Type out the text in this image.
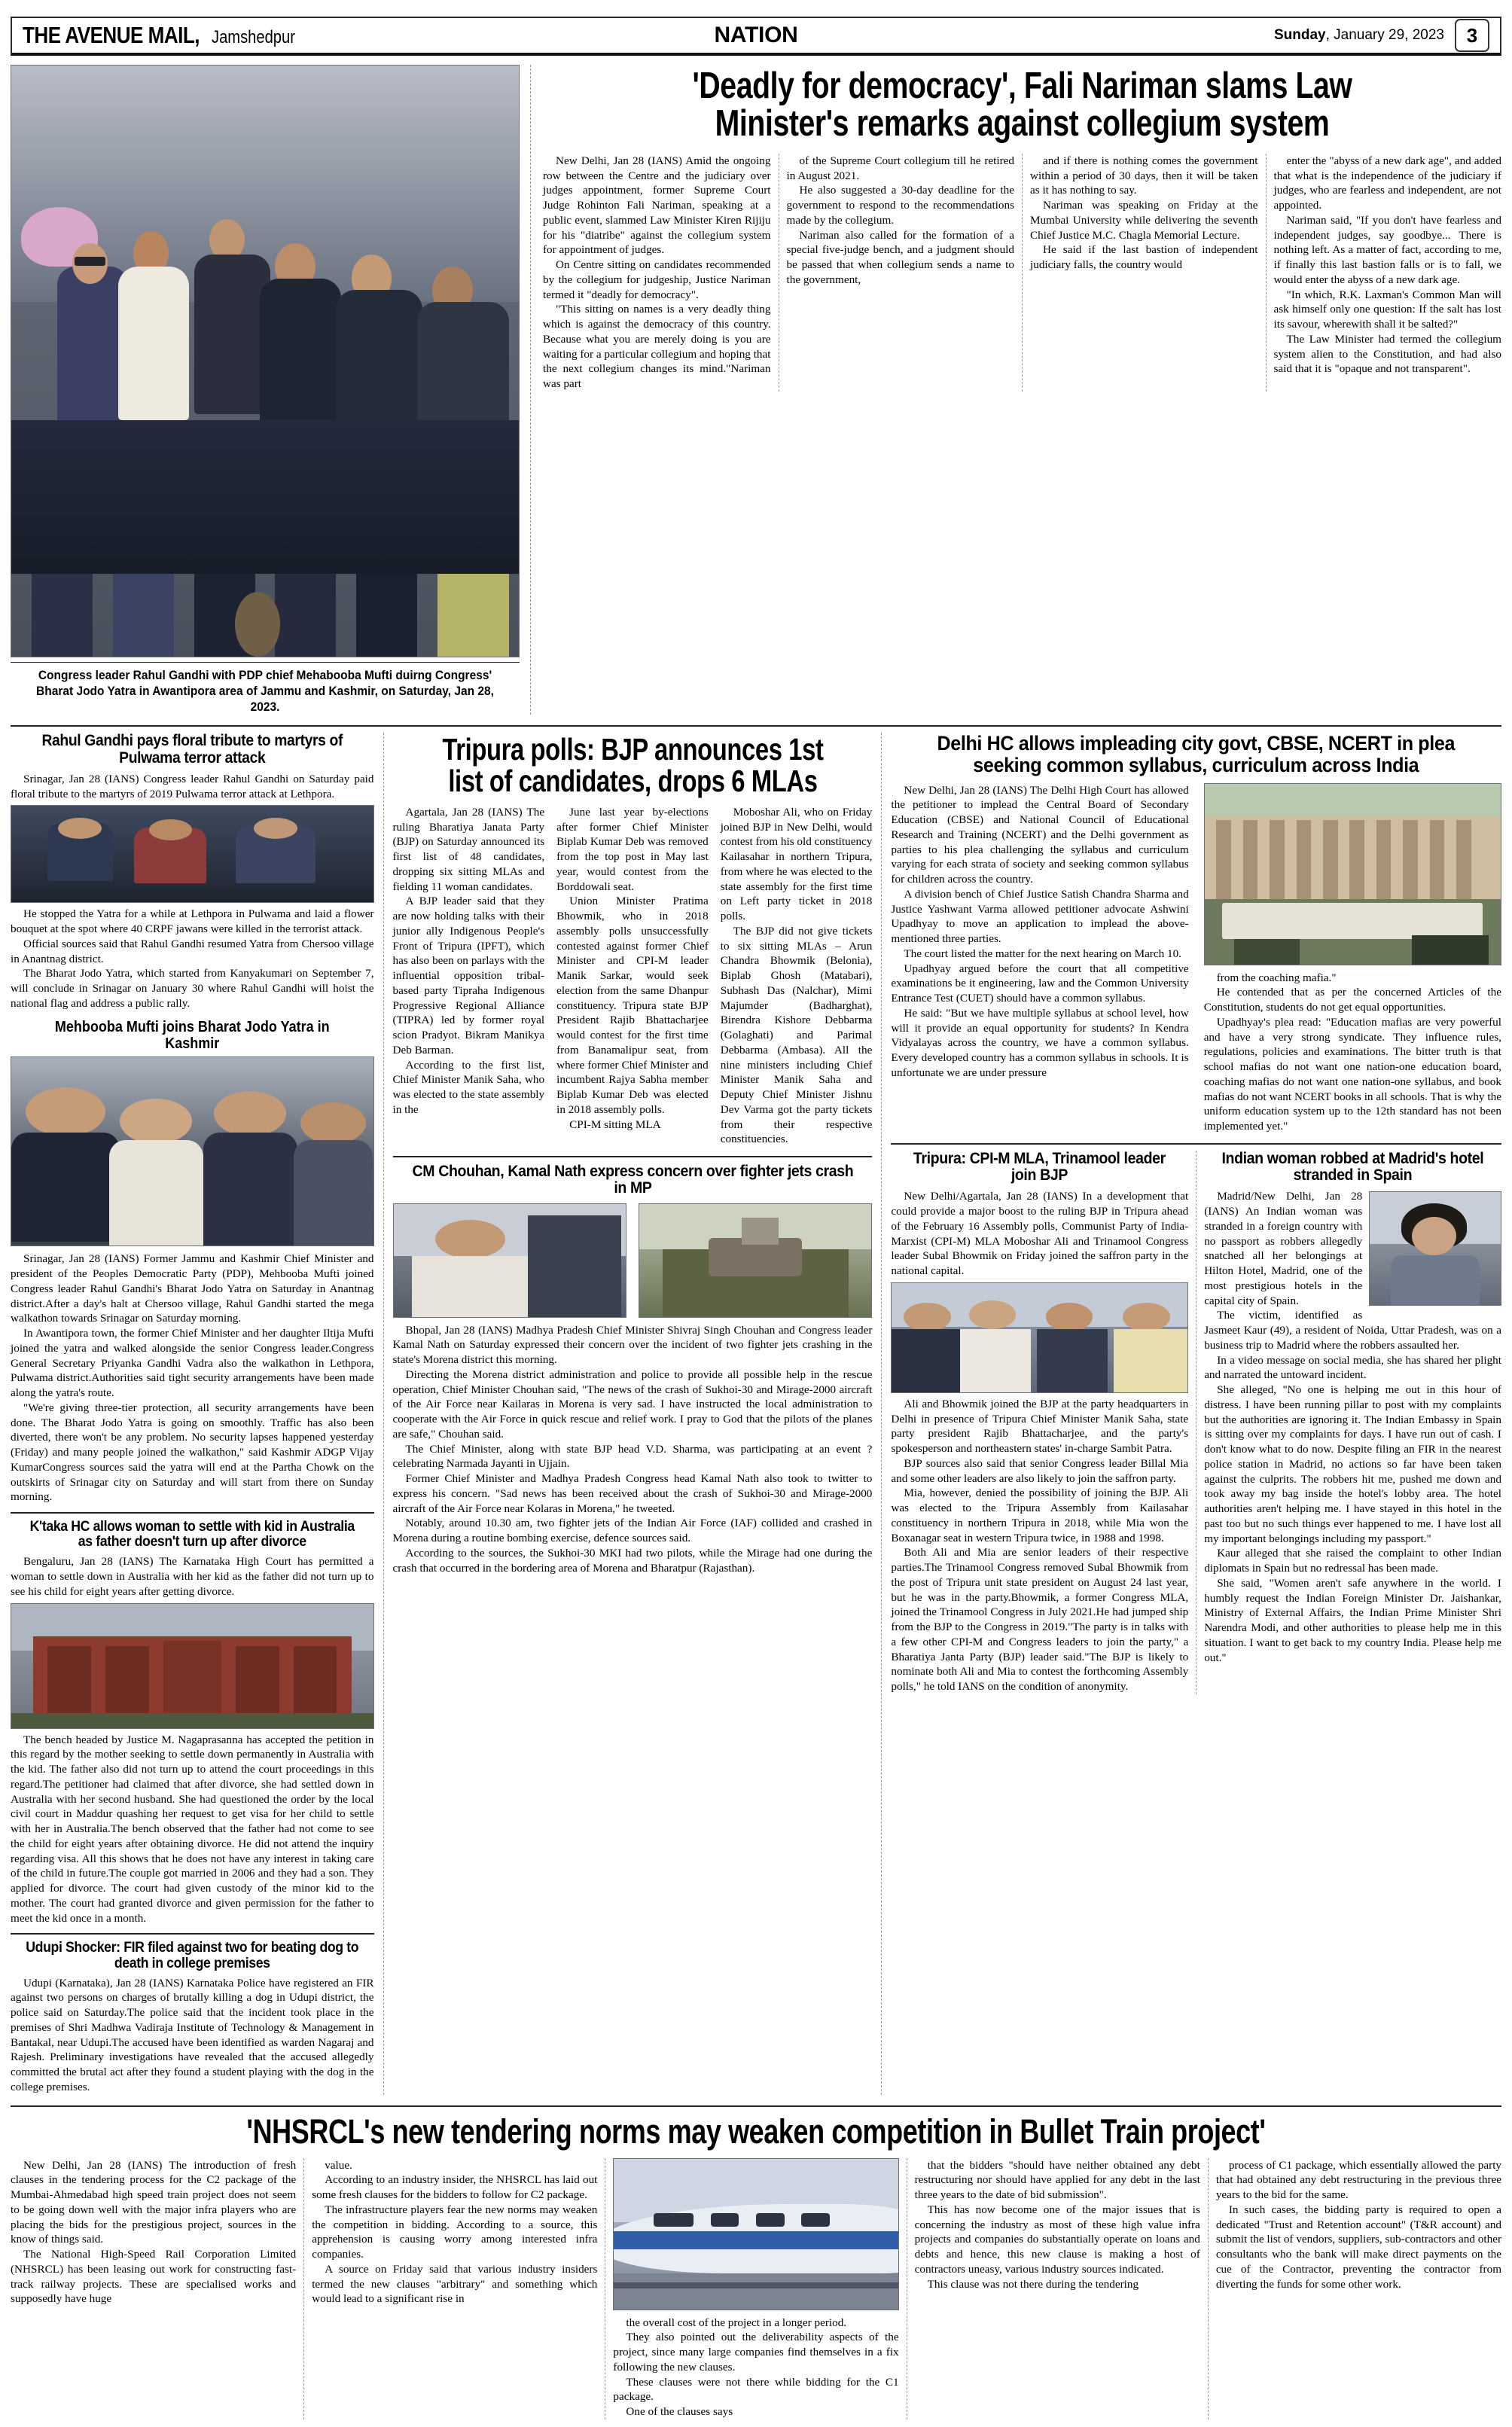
THE AVENUE MAIL, Jamshedpur	NATION	Sunday, January 29, 2023	3
Congress leader Rahul Gandhi with PDP chief Mehabooba Mufti duirng Congress' Bharat Jodo Yatra in Awantipora area of Jammu and Kashmir, on Saturday, Jan 28, 2023.
'Deadly for democracy', Fali Nariman slams Law Minister's remarks against collegium system

New Delhi, Jan 28 (IANS) Amid the ongoing row between the Centre and the judiciary over judges appointment, former Supreme Court Judge Rohinton Fali Nariman, speaking at a public event, slammed Law Minister Kiren Rijiju for his "diatribe" against the collegium system for appointment of judges.

On Centre sitting on candidates recommended by the collegium for judgeship, Justice Nariman termed it "deadly for democracy".

"This sitting on names is a very deadly thing which is against the democracy of this country. Because what you are merely doing is you are waiting for a particular collegium and hoping that the next collegium changes its mind."Nariman was part

of the Supreme Court collegium till he retired in August 2021.

He also suggested a 30-day deadline for the government to respond to the recommendations made by the collegium.

Nariman also called for the formation of a special five-judge bench, and a judgment should be passed that when collegium sends a name to the government,

and if there is nothing comes the government within a period of 30 days, then it will be taken as it has nothing to say.

Nariman was speaking on Friday at the Mumbai University while delivering the seventh Chief Justice M.C. Chagla Memorial Lecture.

He said if the last bastion of independent judiciary falls, the country would

enter the "abyss of a new dark age", and added that what is the independence of the judiciary if judges, who are fearless and independent, are not appointed.

Nariman said, "If you don't have fearless and independent judges, say goodbye... There is nothing left. As a matter of fact, according to me, if finally this last bastion falls or is to fall, we would enter the abyss of a new dark age.

"In which, R.K. Laxman's Common Man will ask himself only one question: If the salt has lost its savour, wherewith shall it be salted?"

The Law Minister had termed the collegium system alien to the Constitution, and had also said that it is "opaque and not transparent".

Rahul Gandhi pays floral tribute to martyrs of Pulwama terror attack

Srinagar, Jan 28 (IANS) Congress leader Rahul Gandhi on Saturday paid floral tribute to the martyrs of 2019 Pulwama terror attack at Lethpora.

He stopped the Yatra for a while at Lethpora in Pulwama and laid a flower bouquet at the spot where 40 CRPF jawans were killed in the terrorist attack.

Official sources said that Rahul Gandhi resumed Yatra from Chersoo village in Anantnag district.

The Bharat Jodo Yatra, which started from Kanyakumari on September 7, will conclude in Srinagar on January 30 where Rahul Gandhi will hoist the national flag and address a public rally.

Mehbooba Mufti joins Bharat Jodo Yatra in Kashmir

Srinagar, Jan 28 (IANS) Former Jammu and Kashmir Chief Minister and president of the Peoples Democratic Party (PDP), Mehbooba Mufti joined Congress leader Rahul Gandhi's Bharat Jodo Yatra on Saturday in Anantnag district.After a day's halt at Chersoo village, Rahul Gandhi started the mega walkathon towards Srinagar on Saturday morning.

In Awantipora town, the former Chief Minister and her daughter Iltija Mufti joined the yatra and walked alongside the senior Congress leader.Congress General Secretary Priyanka Gandhi Vadra also the walkathon in Lethpora, Pulwama district.Authorities said tight security arrangements have been made along the yatra's route.

"We're giving three-tier protection, all security arrangements have been done. The Bharat Jodo Yatra is going on smoothly. Traffic has also been diverted, there won't be any problem. No security lapses happened yesterday (Friday) and many people joined the walkathon," said Kashmir ADGP Vijay KumarCongress sources said the yatra will end at the Partha Chowk on the outskirts of Srinagar city on Saturday and will start from there on Sunday morning.

K'taka HC allows woman to settle with kid in Australia as father doesn't turn up after divorce

Bengaluru, Jan 28 (IANS) The Karnataka High Court has permitted a woman to settle down in Australia with her kid as the father did not turn up to see his child for eight years after getting divorce.

The bench headed by Justice M. Nagaprasanna has accepted the petition in this regard by the mother seeking to settle down permanently in Australia with the kid. The father also did not turn up to attend the court proceedings in this regard.The petitioner had claimed that after divorce, she had settled down in Australia with her second husband. She had questioned the order by the local civil court in Maddur quashing her request to get visa for her child to settle with her in Australia.The bench observed that the father had not come to see the child for eight years after obtaining divorce. He did not attend the inquiry regarding visa. All this shows that he does not have any interest in taking care of the child in future.The couple got married in 2006 and they had a son. They applied for divorce. The court had given custody of the minor kid to the mother. The court had granted divorce and given permission for the father to meet the kid once in a month.

Udupi Shocker: FIR filed against two for beating dog to death in college premises

Udupi (Karnataka), Jan 28 (IANS) Karnataka Police have registered an FIR against two persons on charges of brutally killing a dog in Udupi district, the police said on Saturday.The police said that the incident took place in the premises of Shri Madhwa Vadiraja Institute of Technology & Management in Bantakal, near Udupi.The accused have been identified as warden Nagaraj and Rajesh. Preliminary investigations have revealed that the accused allegedly committed the brutal act after they found a student playing with the dog in the college premises.

Tripura polls: BJP announces 1st list of candidates, drops 6 MLAs

Agartala, Jan 28 (IANS) The ruling Bharatiya Janata Party (BJP) on Saturday announced its first list of 48 candidates, dropping six sitting MLAs and fielding 11 woman candidates.

A BJP leader said that they are now holding talks with their junior ally Indigenous People's Front of Tripura (IPFT), which has also been on parlays with the influential opposition tribal-based party Tipraha Indigenous Progressive Regional Alliance (TIPRA) led by former royal scion Pradyot. Bikram Manikya Deb Barman.

According to the first list, Chief Minister Manik Saha, who was elected to the state assembly in the

June last year by-elections after former Chief Minister Biplab Kumar Deb was removed from the top post in May last year, would contest from the Borddowali seat.

Union Minister Pratima Bhowmik, who in 2018 assembly polls unsuccessfully contested against former Chief Minister and CPI-M leader Manik Sarkar, would seek election from the same Dhanpur constituency. Tripura state BJP President Rajib Bhattacharjee would contest for the first time from Banamalipur seat, from where former Chief Minister and incumbent Rajya Sabha member Biplab Kumar Deb was elected in 2018 assembly polls.

CPI-M sitting MLA

Moboshar Ali, who on Friday joined BJP in New Delhi, would contest from his old constituency Kailasahar in northern Tripura, from where he was elected to the state assembly for the first time on Left party ticket in 2018 polls.

The BJP did not give tickets to six sitting MLAs – Arun Chandra Bhowmik (Belonia), Biplab Ghosh (Matabari), Subhash Das (Nalchar), Mimi Majumder (Badharghat), Birendra Kishore Debbarma (Golaghati) and Parimal Debbarma (Ambasa). All the nine ministers including Chief Minister Manik Saha and Deputy Chief Minister Jishnu Dev Varma got the party tickets from their respective constituencies.

CM Chouhan, Kamal Nath express concern over fighter jets crash in MP

Bhopal, Jan 28 (IANS) Madhya Pradesh Chief Minister Shivraj Singh Chouhan and Congress leader Kamal Nath on Saturday expressed their concern over the incident of two fighter jets crashing in the state's Morena district this morning.

Directing the Morena district administration and police to provide all possible help in the rescue operation, Chief Minister Chouhan said, "The news of the crash of Sukhoi-30 and Mirage-2000 aircraft of the Air Force near Kailaras in Morena is very sad. I have instructed the local administration to cooperate with the Air Force in quick rescue and relief work. I pray to God that the pilots of the planes are safe," Chouhan said.

The Chief Minister, along with state BJP head V.D. Sharma, was participating at an event ?celebrating Narmada Jayanti in Ujjain.

Former Chief Minister and Madhya Pradesh Congress head Kamal Nath also took to twitter to express his concern. "Sad news has been received about the crash of Sukhoi-30 and Mirage-2000 aircraft of the Air Force near Kolaras in Morena," he tweeted.

Notably, around 10.30 am, two fighter jets of the Indian Air Force (IAF) collided and crashed in Morena during a routine bombing exercise, defence sources said.

According to the sources, the Sukhoi-30 MKI had two pilots, while the Mirage had one during the crash that occurred in the bordering area of Morena and Bharatpur (Rajasthan).

Delhi HC allows impleading city govt, CBSE, NCERT in plea seeking common syllabus, curriculum across India

New Delhi, Jan 28 (IANS) The Delhi High Court has allowed the petitioner to implead the Central Board of Secondary Education (CBSE) and National Council of Educational Research and Training (NCERT) and the Delhi government as parties to his plea challenging the syllabus and curriculum varying for each strata of society and seeking common syllabus for children across the country.

A division bench of Chief Justice Satish Chandra Sharma and Justice Yashwant Varma allowed petitioner advocate Ashwini Upadhyay to move an application to implead the above-mentioned three parties.

The court listed the matter for the next hearing on March 10.

Upadhyay argued before the court that all competitive examinations be it engineering, law and the Common University Entrance Test (CUET) should have a common syllabus.

He said: "But we have multiple syllabus at school level, how will it provide an equal opportunity for students? In Kendra Vidyalayas across the country, we have a common syllabus. Every developed country has a common syllabus in schools. It is unfortunate we are under pressure

from the coaching mafia."

He contended that as per the concerned Articles of the Constitution, students do not get equal opportunities.

Upadhyay's plea read: "Education mafias are very powerful and have a very strong syndicate. They influence rules, regulations, policies and examinations. The bitter truth is that school mafias do not want one nation-one education board, coaching mafias do not want one nation-one syllabus, and book mafias do not want NCERT books in all schools. That is why the uniform education system up to the 12th standard has not been implemented yet."

Tripura: CPI-M MLA, Trinamool leader join BJP

New Delhi/Agartala, Jan 28 (IANS) In a development that could provide a major boost to the ruling BJP in Tripura ahead of the February 16 Assembly polls, Communist Party of India-Marxist (CPI-M) MLA Moboshar Ali and Trinamool Congress leader Subal Bhowmik on Friday joined the saffron party in the national capital.

Ali and Bhowmik joined the BJP at the party headquarters in Delhi in presence of Tripura Chief Minister Manik Saha, state party president Rajib Bhattacharjee, and the party's spokesperson and northeastern states' in-charge Sambit Patra.

BJP sources also said that senior Congress leader Billal Mia and some other leaders are also likely to join the saffron party.

Mia, however, denied the possibility of joining the BJP. Ali was elected to the Tripura Assembly from Kailasahar constituency in northern Tripura in 2018, while Mia won the Boxanagar seat in western Tripura twice, in 1988 and 1998.

Both Ali and Mia are senior leaders of their respective parties.The Trinamool Congress removed Subal Bhowmik from the post of Tripura unit state president on August 24 last year, but he was in the party.Bhowmik, a former Congress MLA, joined the Trinamool Congress in July 2021.He had jumped ship from the BJP to the Congress in 2019."The party is in talks with a few other CPI-M and Congress leaders to join the party," a Bharatiya Janta Party (BJP) leader said."The BJP is likely to nominate both Ali and Mia to contest the forthcoming Assembly polls," he told IANS on the condition of anonymity.

Indian woman robbed at Madrid's hotel stranded in Spain

Madrid/New Delhi, Jan 28 (IANS) An Indian woman was stranded in a foreign country with no passport as robbers allegedly snatched all her belongings at Hilton Hotel, Madrid, one of the most prestigious hotels in the capital city of Spain.

The victim, identified as Jasmeet Kaur (49), a resident of Noida, Uttar Pradesh, was on a business trip to Madrid where the robbers assaulted her.

In a video message on social media, she has shared her plight and narrated the untoward incident.

She alleged, "No one is helping me out in this hour of distress. I have been running pillar to post with my complaints but the authorities are ignoring it. The Indian Embassy in Spain is sitting over my complaints for days. I have run out of cash. I don't know what to do now. Despite filing an FIR in the nearest police station in Madrid, no actions so far have been taken against the culprits. The robbers hit me, pushed me down and took away my bag inside the hotel's lobby area. The hotel authorities aren't helping me. I have stayed in this hotel in the past too but no such things ever happened to me. I have lost all my important belongings including my passport."

Kaur alleged that she raised the complaint to other Indian diplomats in Spain but no redressal has been made.

She said, "Women aren't safe anywhere in the world. I humbly request the Indian Foreign Minister Dr. Jaishankar, Ministry of External Affairs, the Indian Prime Minister Shri Narendra Modi, and other authorities to please help me in this situation. I want to get back to my country India. Please help me out."

'NHSRCL's new tendering norms may weaken competition in Bullet Train project'

New Delhi, Jan 28 (IANS) The introduction of fresh clauses in the tendering process for the C2 package of the Mumbai-Ahmedabad high speed train project does not seem to be going down well with the major infra players who are placing the bids for the prestigious project, sources in the know of things said.

The National High-Speed Rail Corporation Limited (NHSRCL) has been leasing out work for constructing fast-track railway projects. These are specialised works and supposedly have huge

value.

According to an industry insider, the NHSRCL has laid out some fresh clauses for the bidders to follow for C2 package.

The infrastructure players fear the new norms may weaken the competition in bidding. According to a source, this apprehension is causing worry among interested infra companies.

A source on Friday said that various industry insiders termed the new clauses "arbitrary" and something which would lead to a significant rise in

the overall cost of the project in a longer period.

They also pointed out the deliverability aspects of the project, since many large companies find themselves in a fix following the new clauses.

These clauses were not there while bidding for the C1 package.

One of the clauses says

that the bidders "should have neither obtained any debt restructuring nor should have applied for any debt in the last three years to the date of bid submission".

This has now become one of the major issues that is concerning the industry as most of these high value infra projects and companies do substantially operate on loans and debts and hence, this new clause is making a host of contractors uneasy, various industry sources indicated.

This clause was not there during the tendering

process of C1 package, which essentially allowed the party that had obtained any debt restructuring in the previous three years to the bid for the same.

In such cases, the bidding party is required to open a dedicated "Trust and Retention account" (T&R account) and submit the list of vendors, suppliers, sub-contractors and other consultants who the bank will make direct payments on the cue of the Contractor, preventing the contractor from diverting the funds for some other work.
